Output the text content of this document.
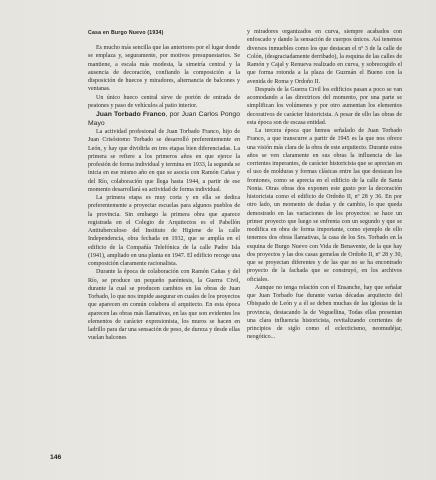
Casa en Burgo Nuevo (1934)

Es mucho más sencilla que las anteriores por el lugar donde se emplaza y, seguramente, por motivos presupuestarios. Se mantiene, a escala más modesta, la simetría central y la ausencia de decoración, confiando la composición a la disposición de huecos y miradores, alternancia de balcones y ventanas.

Un único hueco central sirve de portón de entrada de peatones y paso de vehículos al patio interior.

Juan Torbado Franco, por Juan Carlos Pongo Mayo

La actividad profesional de Juan Torbado Franco, hijo de Juan Crisóstomo Torbado se desarrolló preferentemente en León, y hay que dividirla en tres etapas bien diferenciadas. La primera se refiere a los primeros años en que ejerce la profesión de forma individual y termina en 1933, la segunda se inicia en ese mismo año en que se asocia con Ramón Cañas y del Río, colaboración que llega hasta 1944, a partir de ese momento desarrollará su actividad de forma individual.

La primera etapa es muy corta y en ella se dedica preferentemente a proyectar escuelas para algunos pueblos de la provincia. Sin embargo la primera obra que aparece registrada en el Colegio de Arquitectos es el Pabellón Antituberculoso del Instituto de Higiene de la calle Independencia, obra fechada en 1932, que se amplía en el edificio de la Compañía Telefónica de la calle Padre Isla (1941), ampliado en una planta en 1947. El edificio recoge una composición claramente racionalista.

Durante la época de colaboración con Ramón Cañas y del Río, se produce un pequeño paréntesis, la Guerra Civil, durante la cual se producen cambios en las obras de Juan Torbado, lo que nos impide asegurar en cuales de los proyectos que aparecen en común colabora el arquitecto. En esta época aparecen las obras más llamativas, en las que son evidentes los elementos de carácter expresionista, los muros se hacen en ladrillo para dar una sensación de peso, de dureza y desde ellas vuelan balcones

y miradores organizados en curva, siempre acabados con enfoscado y dando la sensación de cuerpos únicos. Así tenemos diversos inmuebles como los que destacan el nº 3 de la calle de Colón, (desgraciadamente derribado), la esquina de las calles de Ramón y Cajal y Renueva realizado en curva, y sobrecogido el que forma rotonda a la plaza de Guzmán el Bueno con la avenida de Roma y Ordoño II.

Después de la Guerra Civil los edificios pasan a poco se van acomodando a las directrices del momento, por una parte se simplifican los volúmenes y por otro aumentan los elementos decorativos de carácter historicista. A pesar de ello las obras de esta época son de escasa entidad.

La tercera época que hemos señalado de Juan Torbado Franco, a que transcurre a partir de 1945 es la que nos ofrece una visión más clara de la obra de este arquitecto. Durante estos años se ven claramente en sus obras la influencia de las corrientes imperantes, de carácter historicista que se aprecian en el uso de molduras y formas clásicas entre las que destacan los frontones, como se aprecia en el edificio de la calle de Santa Nonia. Otras obras dos exponen este gusto por la decoración historicista como el edificio de Ordoño II, nº 28 y 36. En por otro lado, un momento de dudas y de cambio, lo que queda demostrado en las variaciones de los proyectos: se hace un primer proyecto que luego se enfrenta con un segundo y que se modifica en obra de forma importante, como ejemplo de ello tenemos dos obras llamativas, la casa de los Srs. Torbado en la esquina de Burgo Nuevo con Vida de Benavente, de la que hay dos proyectos y las dos casas gemelas de Ordoño II, nº 28 y 30, que se proyectan diferentes y de las que no se ha encontrado proyecto de la fachada que se construyó, en los archivos oficiales.

Aunque no tenga relación con el Ensanche, hay que señalar que Juan Torbado fue durante varias décadas arquitecto del Obispado de León y a él se deben muchas de las iglesias de la provincia, destacando la de Veguellina, Todas ellas presentan una clara influencia historicista, revitalizando corrientes de principios de siglo como el eclecticismo, neomudéjar, neogótico...

146
